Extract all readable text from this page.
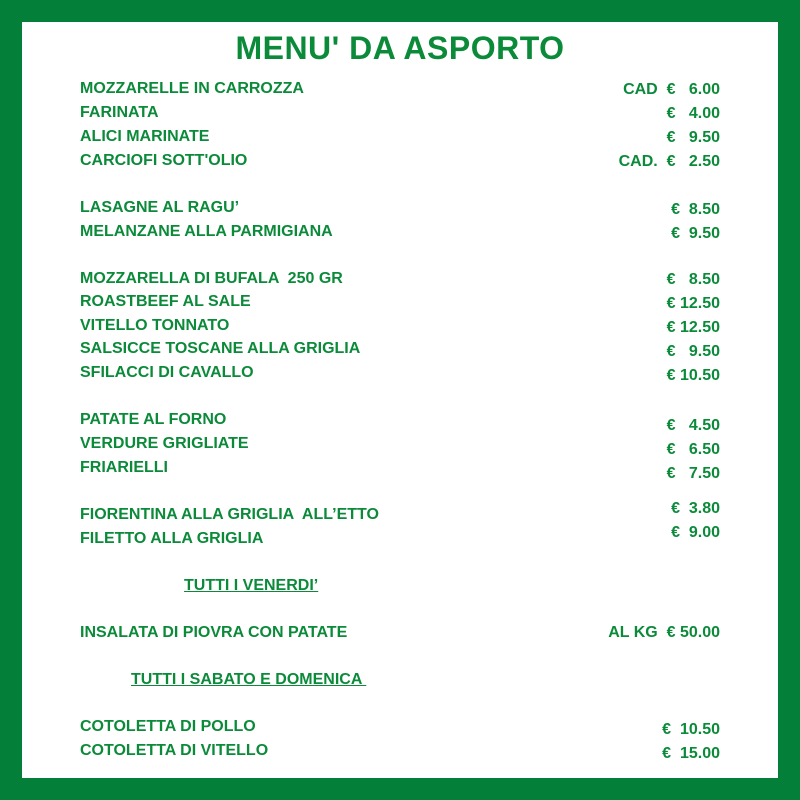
MENU' DA ASPORTO
MOZZARELLE IN CARROZZA
FARINATA
ALICI MARINATE
CARCIOFI SOTT'OLIO
LASAGNE AL RAGU’
MELANZANE ALLA PARMIGIANA
MOZZARELLA DI BUFALA  250 GR
ROASTBEEF AL SALE
VITELLO TONNATO
SALSICCE TOSCANE ALLA GRIGLIA
SFILACCI DI CAVALLO
PATATE AL FORNO
VERDURE GRIGLIATE
FRIARIELLI
FIORENTINA ALLA GRIGLIA  ALL’ETTO
FILETTO ALLA GRIGLIA
TUTTI I VENERDI’
INSALATA DI PIOVRA CON PATATE
TUTTI I SABATO E DOMENICA
COTOLETTA DI POLLO
COTOLETTA DI VITELLO
CAD  €   6.00
€   4.00
€   9.50
CAD.  €   2.50
€  8.50
€  9.50
€   8.50
€ 12.50
€ 12.50
€   9.50
€ 10.50
€   4.50
€   6.50
€   7.50
€  3.80
€  9.00
AL KG  € 50.00
€  10.50
€  15.00
